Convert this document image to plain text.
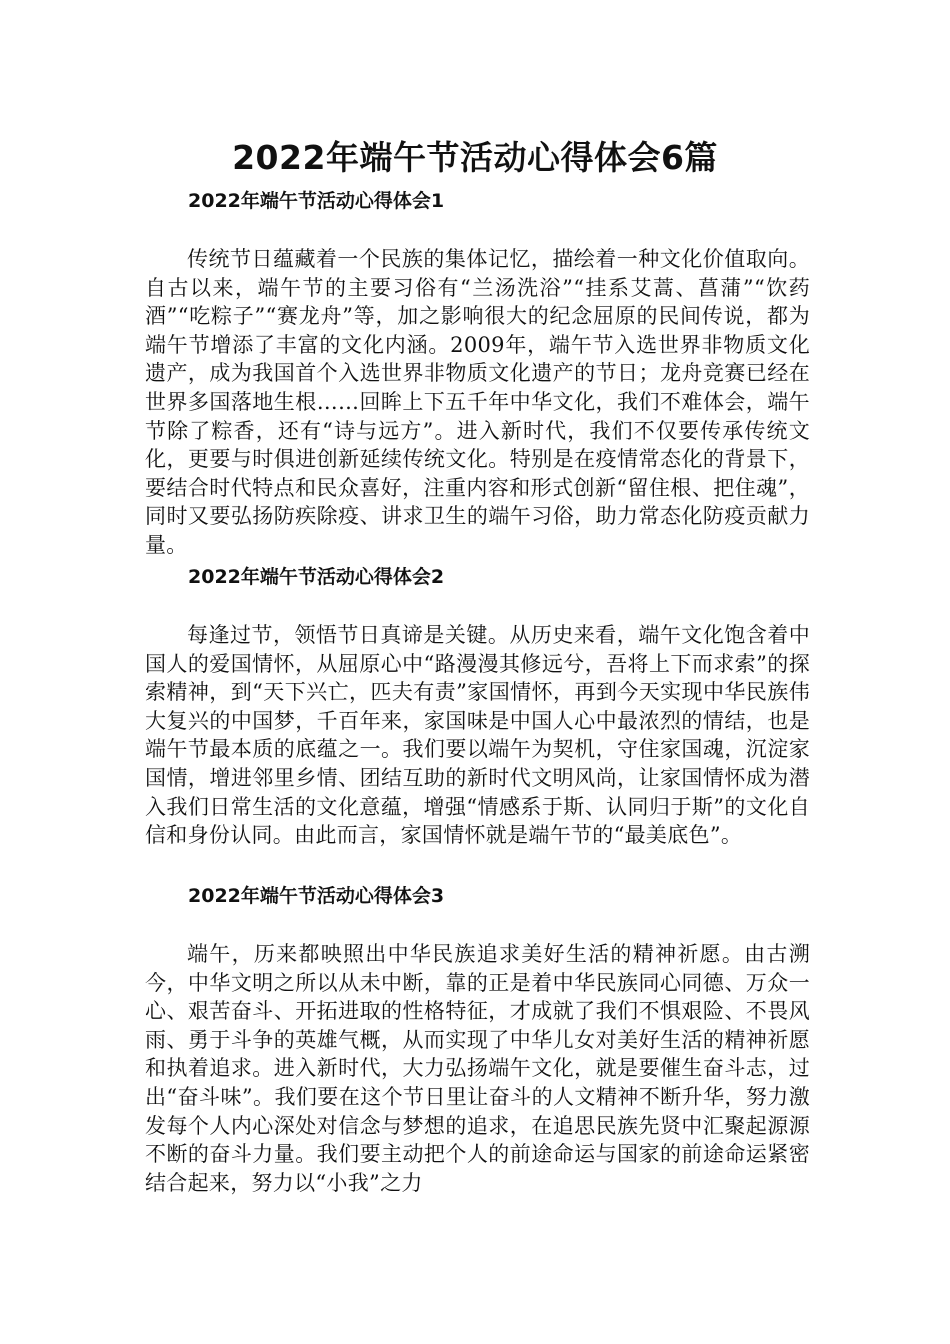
2022年端午节活动心得体会6篇
2022年端午节活动心得体会1

传统节日蕴藏着一个民族的集体记忆，描绘着一种文化价值取向。自古以来，端午节的主要习俗有“兰汤洗浴”“挂系艾蒿、菖蒲”“饮药酒”“吃粽子”“赛龙舟”等，加之影响很大的纪念屈原的民间传说，都为端午节增添了丰富的文化内涵。2009年，端午节入选世界非物质文化遗产，成为我国首个入选世界非物质文化遗产的节日；龙舟竞赛已经在世界多国落地生根……回眸上下五千年中华文化，我们不难体会，端午节除了粽香，还有“诗与远方”。进入新时代，我们不仅要传承传统文化，更要与时俱进创新延续传统文化。特别是在疫情常态化的背景下，要结合时代特点和民众喜好，注重内容和形式创新“留住根、把住魂”，同时又要弘扬防疾除疫、讲求卫生的端午习俗，助力常态化防疫贡献力量。

2022年端午节活动心得体会2

每逢过节，领悟节日真谛是关键。从历史来看，端午文化饱含着中国人的爱国情怀，从屈原心中“路漫漫其修远兮，吾将上下而求索”的探索精神，到“天下兴亡，匹夫有责”家国情怀，再到今天实现中华民族伟大复兴的中国梦，千百年来，家国味是中国人心中最浓烈的情结，也是端午节最本质的底蕴之一。我们要以端午为契机，守住家国魂，沉淀家国情，增进邻里乡情、团结互助的新时代文明风尚，让家国情怀成为潜入我们日常生活的文化意蕴，增强“情感系于斯、认同归于斯”的文化自信和身份认同。由此而言，家国情怀就是端午节的“最美底色”。

2022年端午节活动心得体会3

端午，历来都映照出中华民族追求美好生活的精神祈愿。由古溯今，中华文明之所以从未中断，靠的正是着中华民族同心同德、万众一心、艰苦奋斗、开拓进取的性格特征，才成就了我们不惧艰险、不畏风雨、勇于斗争的英雄气概，从而实现了中华儿女对美好生活的精神祈愿和执着追求。进入新时代，大力弘扬端午文化，就是要催生奋斗志，过出“奋斗味”。我们要在这个节日里让奋斗的人文精神不断升华，努力激发每个人内心深处对信念与梦想的追求，在追思民族先贤中汇聚起源源不断的奋斗力量。我们要主动把个人的前途命运与国家的前途命运紧密结合起来，努力以“小我”之力
